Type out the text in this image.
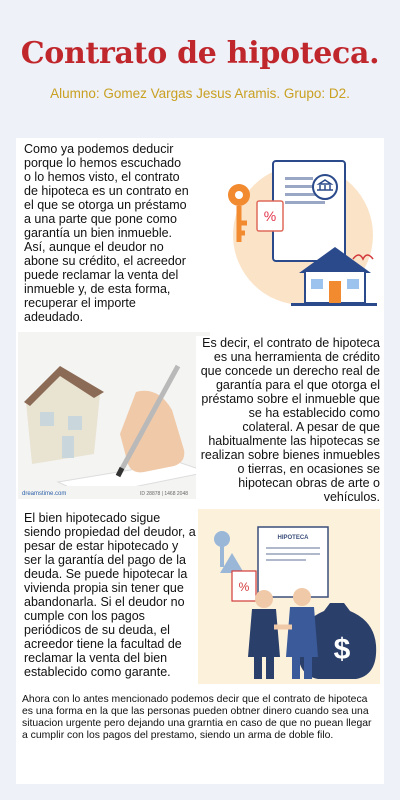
Contrato de hipoteca.
Alumno: Gomez Vargas Jesus Aramis. Grupo: D2.
Como ya podemos deducir porque lo hemos escuchado o lo hemos visto, el contrato de hipoteca es un contrato en el que se otorga un préstamo a una parte que pone como garantía un bien inmueble. Así, aunque el deudor no abone su crédito, el acreedor puede reclamar la venta del inmueble y, de esta forma, recuperar el importe adeudado.
%
dreamstime.com	ID 28878 | 1468 2048
Es decir, el contrato de hipoteca es una herramienta de crédito que concede un derecho real de garantía para el que otorga el préstamo sobre el inmueble que se ha establecido como colateral. A pesar de que habitualmente las hipotecas se realizan sobre bienes inmuebles o tierras, en ocasiones se hipotecan obras de arte o vehículos.
El bien hipotecado sigue siendo propiedad del deudor, a pesar de estar hipotecado y ser la garantía del pago de la deuda. Se puede hipotecar la vivienda propia sin tener que abandonarla. Si el deudor no cumple con los pagos periódicos de su deuda, el acreedor tiene la facultad de reclamar la venta del bien establecido como garante.
HIPOTECA
%
$
Ahora con lo antes mencionado podemos decir que el contrato de hipoteca es una forma en la que las personas pueden obtner dinero cuando sea una situacion urgente pero dejando una grarntia en caso de que no puean llegar a cumplir con los pagos del prestamo, siendo un arma de doble filo.
